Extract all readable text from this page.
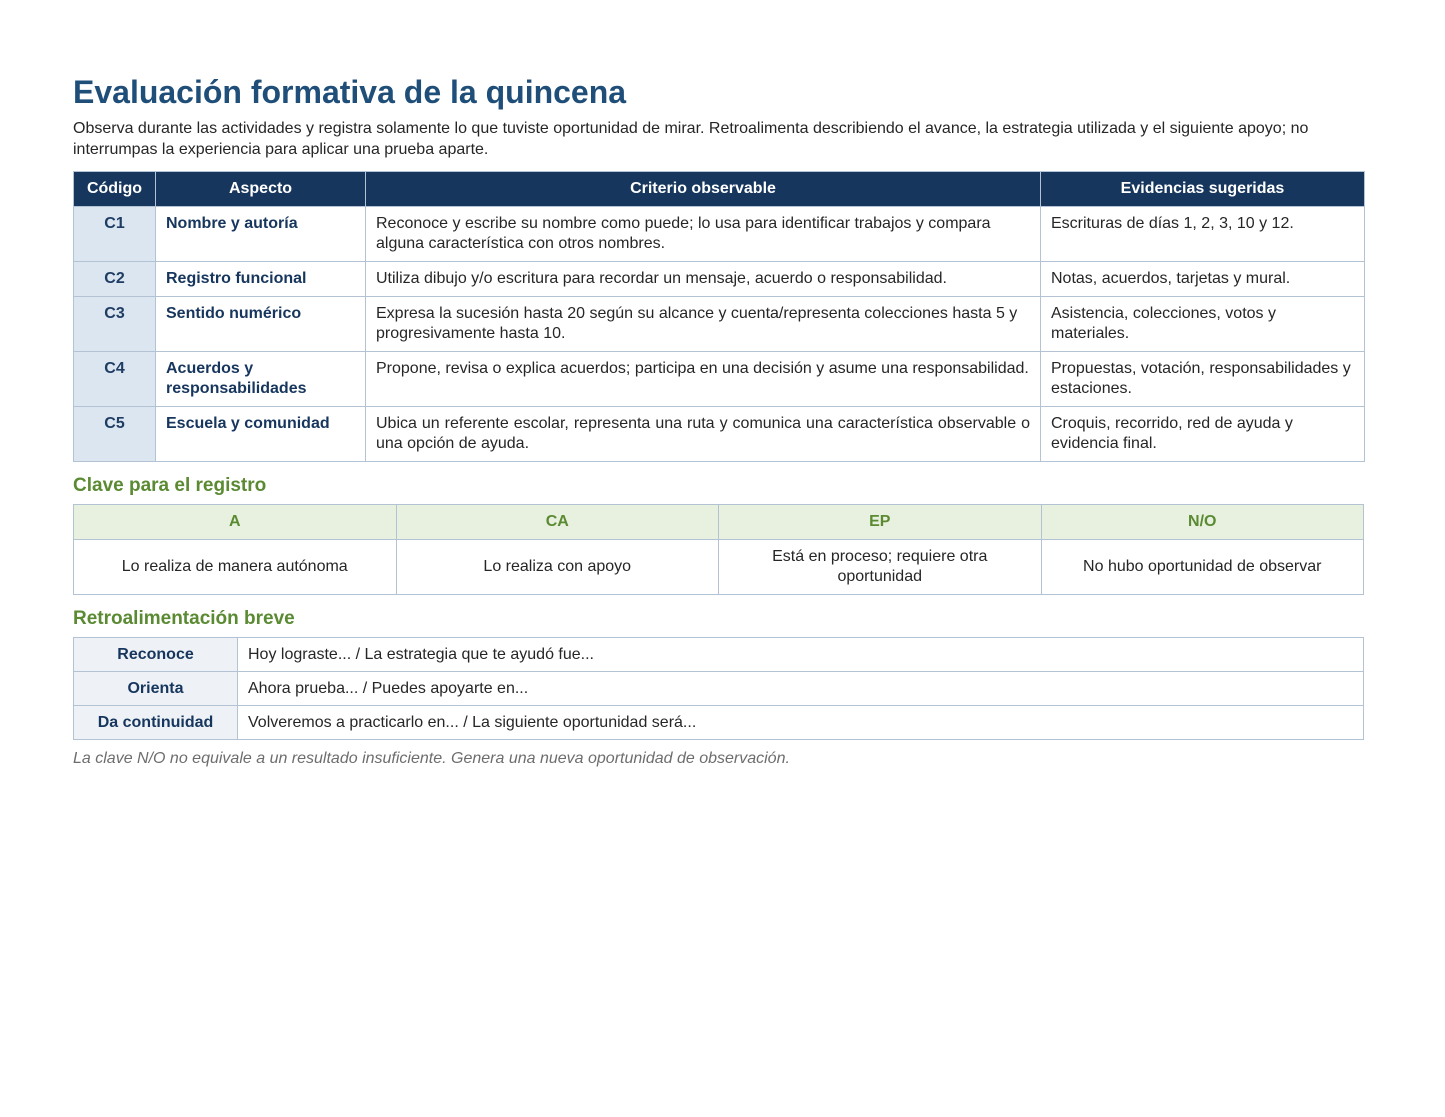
Evaluación formativa de la quincena

Observa durante las actividades y registra solamente lo que tuviste oportunidad de mirar. Retroalimenta describiendo el avance, la estrategia utilizada y el siguiente apoyo; no interrumpas la experiencia para aplicar una prueba aparte.

Código	Aspecto	Criterio observable	Evidencias sugeridas
C1	Nombre y autoría	Reconoce y escribe su nombre como puede; lo usa para identificar trabajos y compara alguna característica con otros nombres.	Escrituras de días 1, 2, 3, 10 y 12.
C2	Registro funcional	Utiliza dibujo y/o escritura para recordar un mensaje, acuerdo o responsabilidad.	Notas, acuerdos, tarjetas y mural.
C3	Sentido numérico	Expresa la sucesión hasta 20 según su alcance y cuenta/representa colecciones hasta 5 y progresivamente hasta 10.	Asistencia, colecciones, votos y materiales.
C4	Acuerdos y responsabilidades	Propone, revisa o explica acuerdos; participa en una decisión y asume una responsabilidad.	Propuestas, votación, responsabilidades y estaciones.
C5	Escuela y comunidad	Ubica un referente escolar, representa una ruta y comunica una característica observable o una opción de ayuda.	Croquis, recorrido, red de ayuda y evidencia final.
Clave para el registro
A	CA	EP	N/O
Lo realiza de manera autónoma	Lo realiza con apoyo	Está en proceso; requiere otra oportunidad	No hubo oportunidad de observar
Retroalimentación breve
Reconoce	Hoy lograste... / La estrategia que te ayudó fue...
Orienta	Ahora prueba... / Puedes apoyarte en...
Da continuidad	Volveremos a practicarlo en... / La siguiente oportunidad será...
La clave N/O no equivale a un resultado insuficiente. Genera una nueva oportunidad de observación.
